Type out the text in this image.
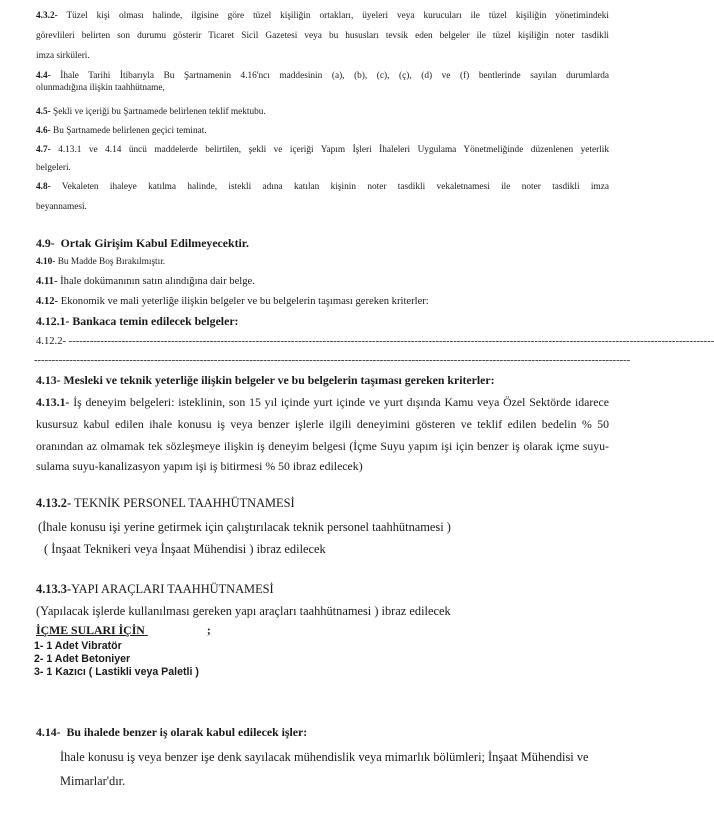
4.3.2- Tüzel kişi olması halinde, ilgisine göre tüzel kişiliğin ortakları, üyeleri veya kurucuları ile tüzel kişiliğin yönetimindeki

görevlileri belirten son durumu gösterir Ticaret Sicil Gazetesi veya bu hususları tevsik eden belgeler ile tüzel kişiliğin noter tasdikli

imza sirküleri.

4.4- İhale Tarihi İtibarıyla Bu Şartnamenin 4.16'ncı maddesinin (a), (b), (c), (ç), (d) ve (f) bentlerinde sayılan durumlarda

olunmadığına ilişkin taahhütname,

4.5- Şekli ve içeriği bu Şartnamede belirlenen teklif mektubu.

4.6- Bu Şartnamede belirlenen geçici teminat.

4.7- 4.13.1 ve 4.14 üncü maddelerde belirtilen, şekli ve içeriği Yapım İşleri İhaleleri Uygulama Yönetmeliğinde düzenlenen yeterlik

belgeleri.

4.8- Vekaleten ihaleye katılma halinde, istekli adına katılan kişinin noter tasdikli vekaletnamesi ile noter tasdikli imza

beyannamesi.

4.9- Ortak Girişim Kabul Edilmeyecektir.

4.10- Bu Madde Boş Bırakılmıştır.

4.11- İhale dokümanının satın alındığına dair belge.

4.12- Ekonomik ve mali yeterliğe ilişkin belgeler ve bu belgelerin taşıması gereken kriterler:

4.12.1- Bankaca temin edilecek belgeler:

4.12.2- ---------------------------------------------------------------------------------------------------------------------------------------------------------------------------------------

-------------------------------------------------------------------------------------------------------------------------------------------------------------------------

4.13- Mesleki ve teknik yeterliğe ilişkin belgeler ve bu belgelerin taşıması gereken kriterler:

4.13.1- İş deneyim belgeleri: isteklinin, son 15 yıl içinde yurt içinde ve yurt dışında Kamu veya Özel Sektörde idarece

kusursuz kabul edilen ihale konusu iş veya benzer işlerle ilgili deneyimini gösteren ve teklif edilen bedelin % 50

oranından az olmamak tek sözleşmeye ilişkin iş deneyim belgesi (İçme Suyu yapım işi için benzer iş olarak içme suyu-

sulama suyu-kanalizasyon yapım işi iş bitirmesi % 50 ibraz edilecek)

4.13.2- TEKNİK PERSONEL TAAHHÜTNAMESİ

(İhale konusu işi yerine getirmek için çalıştırılacak teknik personel taahhütnamesi )

( İnşaat Teknikeri veya İnşaat Mühendisi ) ibraz edilecek

4.13.3-YAPI ARAÇLARI TAAHHÜTNAMESİ

(Yapılacak işlerde kullanılması gereken yapı araçları taahhütnamesi ) ibraz edilecek

İÇME SULARI İÇİN	;

1- 1 Adet Vibratör

2- 1 Adet Betoniyer

3- 1 Kazıcı ( Lastikli veya Paletli )

4.14- Bu ihalede benzer iş olarak kabul edilecek işler:

İhale konusu iş veya benzer işe denk sayılacak mühendislik veya mimarlık bölümleri; İnşaat Mühendisi ve

Mimarlar'dır.
